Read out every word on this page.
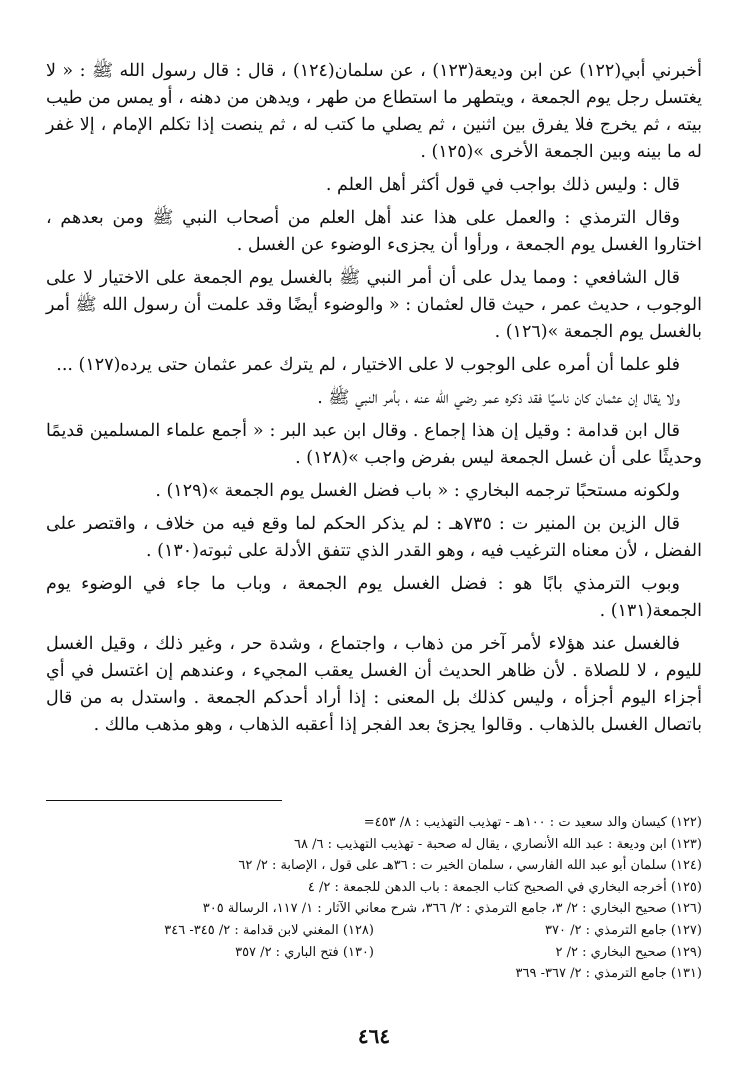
أخبرني أبي(١٢٢) عن ابن وديعة(١٢٣) ، عن سلمان(١٢٤) ، قال : قال رسول الله ﷺ : « لا يغتسل رجل يوم الجمعة ، ويتطهر ما استطاع من طهر ، ويدهن من دهنه ، أو يمس من طيب بيته ، ثم يخرج فلا يفرق بين اثنين ، ثم يصلي ما كتب له ، ثم ينصت إذا تكلم الإمام ، إلا غفر له ما بينه وبين الجمعة الأخرى »(١٢٥) .

قال : وليس ذلك بواجب في قول أكثر أهل العلم .

وقال الترمذي : والعمل على هذا عند أهل العلم من أصحاب النبي ﷺ ومن بعدهم ، اختاروا الغسل يوم الجمعة ، ورأوا أن يجزىء الوضوء عن الغسل .

قال الشافعي : ومما يدل على أن أمر النبي ﷺ بالغسل يوم الجمعة على الاختيار لا على الوجوب ، حديث عمر ، حيث قال لعثمان : « والوضوء أيضًا وقد علمت أن رسول الله ﷺ أمر بالغسل يوم الجمعة »(١٢٦) .

فلو علما أن أمره على الوجوب لا على الاختيار ، لم يترك عمر عثمان حتى يرده(١٢٧) ...

ولا يقال إن عثمان كان ناسيًا فقد ذكره عمر رضي الله عنه ، بأمر النبي ﷺ .

قال ابن قدامة : وقيل إن هذا إجماع . وقال ابن عبد البر : « أجمع علماء المسلمين قديمًا وحديثًا على أن غسل الجمعة ليس بفرض واجب »(١٢٨) .

ولكونه مستحبًا ترجمه البخاري : « باب فضل الغسل يوم الجمعة »(١٢٩) .

قال الزين بن المنير ت : ٧٣٥هـ : لم يذكر الحكم لما وقع فيه من خلاف ، واقتصر على الفضل ، لأن معناه الترغيب فيه ، وهو القدر الذي تتفق الأدلة على ثبوته(١٣٠) .

وبوب الترمذي بابًا هو : فضل الغسل يوم الجمعة ، وباب ما جاء في الوضوء يوم الجمعة(١٣١) .

فالغسل عند هؤلاء لأمر آخر من ذهاب ، واجتماع ، وشدة حر ، وغير ذلك ، وقيل الغسل لليوم ، لا للصلاة . لأن ظاهر الحديث أن الغسل يعقب المجيء ، وعندهم إن اغتسل في أي أجزاء اليوم أجزأه ، وليس كذلك بل المعنى : إذا أراد أحدكم الجمعة . واستدل به من قال باتصال الغسل بالذهاب . وقالوا يجزئ بعد الفجر إذا أعقبه الذهاب ، وهو مذهب مالك .

(١٢٢) كيسان والد سعيد ت : ١٠٠هـ - تهذيب التهذيب : ٨/ ٤٥٣=

(١٢٣) ابن وديعة : عبد الله الأنصاري ، يقال له صحبة - تهذيب التهذيب : ٦/ ٦٨

(١٢٤) سلمان أبو عبد الله الفارسي ، سلمان الخير ت : ٣٦هـ على قول ، الإصابة : ٢/ ٦٢

(١٢٥) أخرجه البخاري في الصحيح كتاب الجمعة : باب الدهن للجمعة : ٢/ ٤

(١٢٦) صحيح البخاري : ٢/ ٣، جامع الترمذي : ٢/ ٣٦٦، شرح معاني الآثار : ١/ ١١٧، الرسالة ٣٠٥

(١٢٧) جامع الترمذي : ٢/ ٣٧٠

(١٢٨) المغني لابن قدامة : ٢/ ٣٤٥- ٣٤٦

(١٢٩) صحيح البخاري : ٢/ ٢

(١٣٠) فتح الباري : ٢/ ٣٥٧

(١٣١) جامع الترمذي : ٢/ ٣٦٧- ٣٦٩

٤٦٤
